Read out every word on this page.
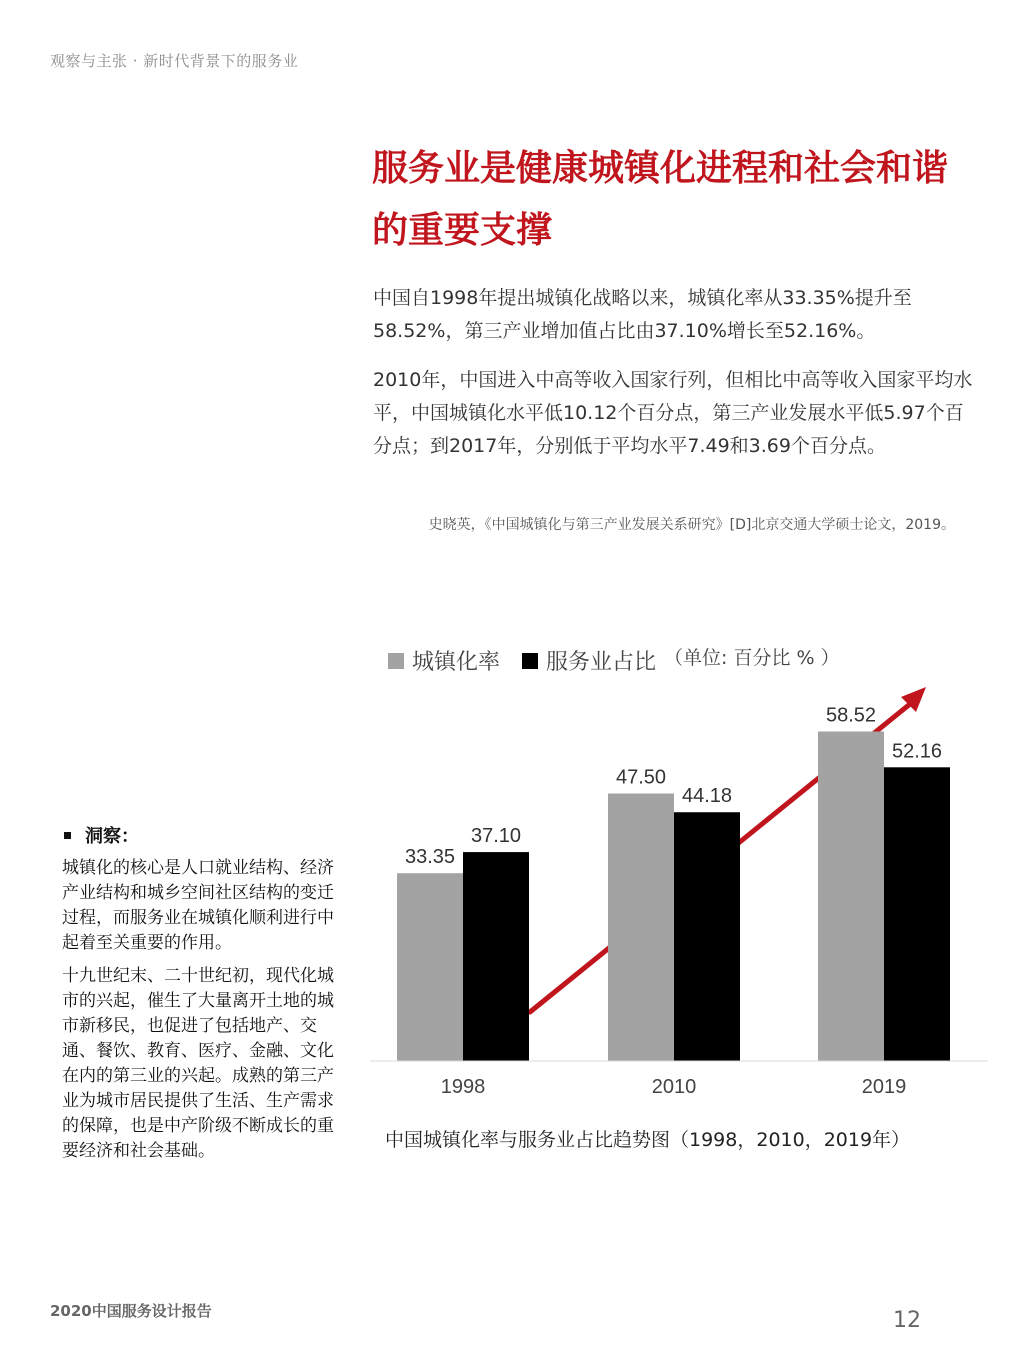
观察与主张 · 新时代背景下的服务业
服务业是健康城镇化进程和社会和谐的重要支撑
中国自1998年提出城镇化战略以来，城镇化率从33.35%提升至58.52%，第三产业增加值占比由37.10%增长至52.16%。
2010年，中国进入中高等收入国家行列，但相比中高等收入国家平均水平，中国城镇化水平低10.12个百分点，第三产业发展水平低5.97个百分点；到2017年，分别低于平均水平7.49和3.69个百分点。
史晓英，《中国城镇化与第三产业发展关系研究》[D]北京交通大学硕士论文，2019。
洞察：

城镇化的核心是人口就业结构、经济产业结构和城乡空间社区结构的变迁过程，而服务业在城镇化顺利进行中起着至关重要的作用。

十九世纪末、二十世纪初，现代化城市的兴起，催生了大量离开土地的城市新移民，也促进了包括地产、交通、餐饮、教育、医疗、金融、文化在内的第三业的兴起。成熟的第三产业为城市居民提供了生活、生产需求的保障，也是中产阶级不断成长的重要经济和社会基础。

城镇化率 服务业占比 （单位: 百分比 % ）
33.35
47.50
58.52
37.10
44.18
52.16
1998	2010	2019
中国城镇化率与服务业占比趋势图（1998，2010，2019年）
2020中国服务设计报告	12
